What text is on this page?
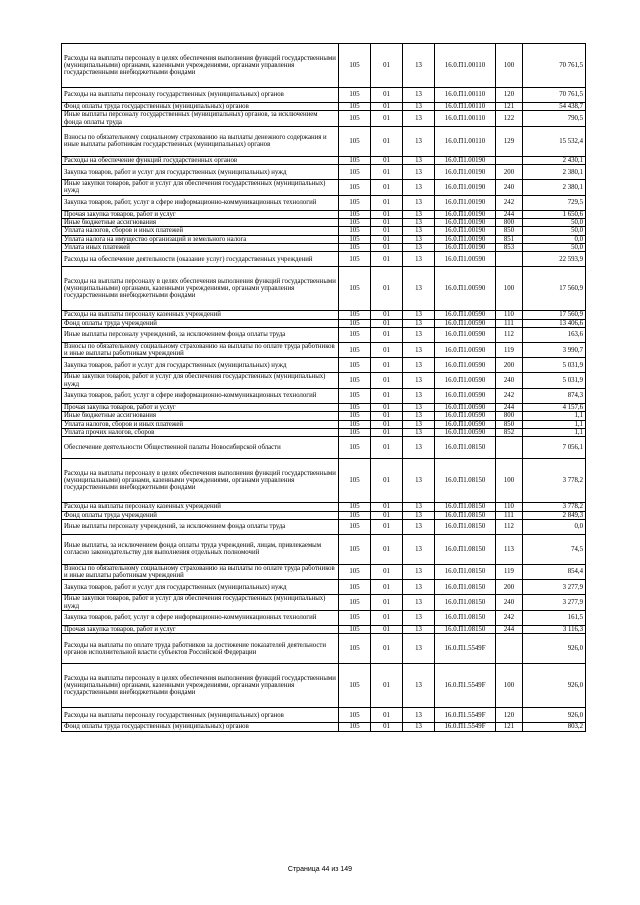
Расходы на выплаты персоналу в целях обеспечения выполнения функций государственными (муниципальными) органами, казенными учреждениями, органами управления государственными внебюджетными фондами	105	01	13	16.0.П1.00110	100	70 761,5
Расходы на выплаты персоналу государственных (муниципальных) органов	105	01	13	16.0.П1.00110	120	70 761,5
Фонд оплаты труда государственных (муниципальных) органов	105	01	13	16.0.П1.00110	121	54 438,7
Иные выплаты персоналу государственных (муниципальных) органов, за исключением фонда оплаты труда	105	01	13	16.0.П1.00110	122	790,5
Взносы по обязательному социальному страхованию на выплаты денежного содержания и иные выплаты работникам государственных (муниципальных) органов	105	01	13	16.0.П1.00110	129	15 532,4
Расходы на обеспечение функций государственных органов	105	01	13	16.0.П1.00190		2 430,1
Закупка товаров, работ и услуг для государственных (муниципальных) нужд	105	01	13	16.0.П1.00190	200	2 380,1
Иные закупки товаров, работ и услуг для обеспечения государственных (муниципальных) нужд	105	01	13	16.0.П1.00190	240	2 380,1
Закупка товаров, работ, услуг в сфере информационно-коммуникационных технологий	105	01	13	16.0.П1.00190	242	729,5
Прочая закупка товаров, работ и услуг	105	01	13	16.0.П1.00190	244	1 650,6
Иные бюджетные ассигнования	105	01	13	16.0.П1.00190	800	50,0
Уплата налогов, сборов и иных платежей	105	01	13	16.0.П1.00190	850	50,0
Уплата налога на имущество организаций и земельного налога	105	01	13	16.0.П1.00190	851	0,0
Уплата иных платежей	105	01	13	16.0.П1.00190	853	50,0
Расходы на обеспечение деятельности (оказание услуг) государственных учреждений	105	01	13	16.0.П1.00590		22 593,9
Расходы на выплаты персоналу в целях обеспечения выполнения функций государственными (муниципальными) органами, казенными учреждениями, органами управления государственными внебюджетными фондами	105	01	13	16.0.П1.00590	100	17 560,9
Расходы на выплаты персоналу казенных учреждений	105	01	13	16.0.П1.00590	110	17 560,9
Фонд оплаты труда учреждений	105	01	13	16.0.П1.00590	111	13 406,6
Иные выплаты персоналу учреждений, за исключением фонда оплаты труда	105	01	13	16.0.П1.00590	112	163,6
Взносы по обязательному социальному страхованию на выплаты по оплате труда работников и иные выплаты работникам учреждений	105	01	13	16.0.П1.00590	119	3 990,7
Закупка товаров, работ и услуг для государственных (муниципальных) нужд	105	01	13	16.0.П1.00590	200	5 031,9
Иные закупки товаров, работ и услуг для обеспечения государственных (муниципальных) нужд	105	01	13	16.0.П1.00590	240	5 031,9
Закупка товаров, работ, услуг в сфере информационно-коммуникационных технологий	105	01	13	16.0.П1.00590	242	874,3
Прочая закупка товаров, работ и услуг	105	01	13	16.0.П1.00590	244	4 157,6
Иные бюджетные ассигнования	105	01	13	16.0.П1.00590	800	1,1
Уплата налогов, сборов и иных платежей	105	01	13	16.0.П1.00590	850	1,1
Уплата прочих налогов, сборов	105	01	13	16.0.П1.00590	852	1,1
Обеспечение деятельности Общественной палаты Новосибирской области	105	01	13	16.0.П1.08150		7 056,1
Расходы на выплаты персоналу в целях обеспечения выполнения функций государственными (муниципальными) органами, казенными учреждениями, органами управления государственными внебюджетными фондами	105	01	13	16.0.П1.08150	100	3 778,2
Расходы на выплаты персоналу казенных учреждений	105	01	13	16.0.П1.08150	110	3 778,2
Фонд оплаты труда учреждений	105	01	13	16.0.П1.08150	111	2 849,3
Иные выплаты персоналу учреждений, за исключением фонда оплаты труда	105	01	13	16.0.П1.08150	112	0,0
Иные выплаты, за исключением фонда оплаты труда учреждений, лицам, привлекаемым согласно законодательству для выполнения отдельных полномочий	105	01	13	16.0.П1.08150	113	74,5
Взносы по обязательному социальному страхованию на выплаты по оплате труда работников и иные выплаты работникам учреждений	105	01	13	16.0.П1.08150	119	854,4
Закупка товаров, работ и услуг для государственных (муниципальных) нужд	105	01	13	16.0.П1.08150	200	3 277,9
Иные закупки товаров, работ и услуг для обеспечения государственных (муниципальных) нужд	105	01	13	16.0.П1.08150	240	3 277,9
Закупка товаров, работ, услуг в сфере информационно-коммуникационных технологий	105	01	13	16.0.П1.08150	242	161,5
Прочая закупка товаров, работ и услуг	105	01	13	16.0.П1.08150	244	3 116,3
Расходы на выплаты по оплате труда работников за достижение показателей деятельности органов исполнительной власти субъектов Российской Федерации	105	01	13	16.0.П1.5549F		926,0
Расходы на выплаты персоналу в целях обеспечения выполнения функций государственными (муниципальными) органами, казенными учреждениями, органами управления государственными внебюджетными фондами	105	01	13	16.0.П1.5549F	100	926,0
Расходы на выплаты персоналу государственных (муниципальных) органов	105	01	13	16.0.П1.5549F	120	926,0
Фонд оплаты труда государственных (муниципальных) органов	105	01	13	16.0.П1.5549F	121	803,2
Страница 44 из 149
